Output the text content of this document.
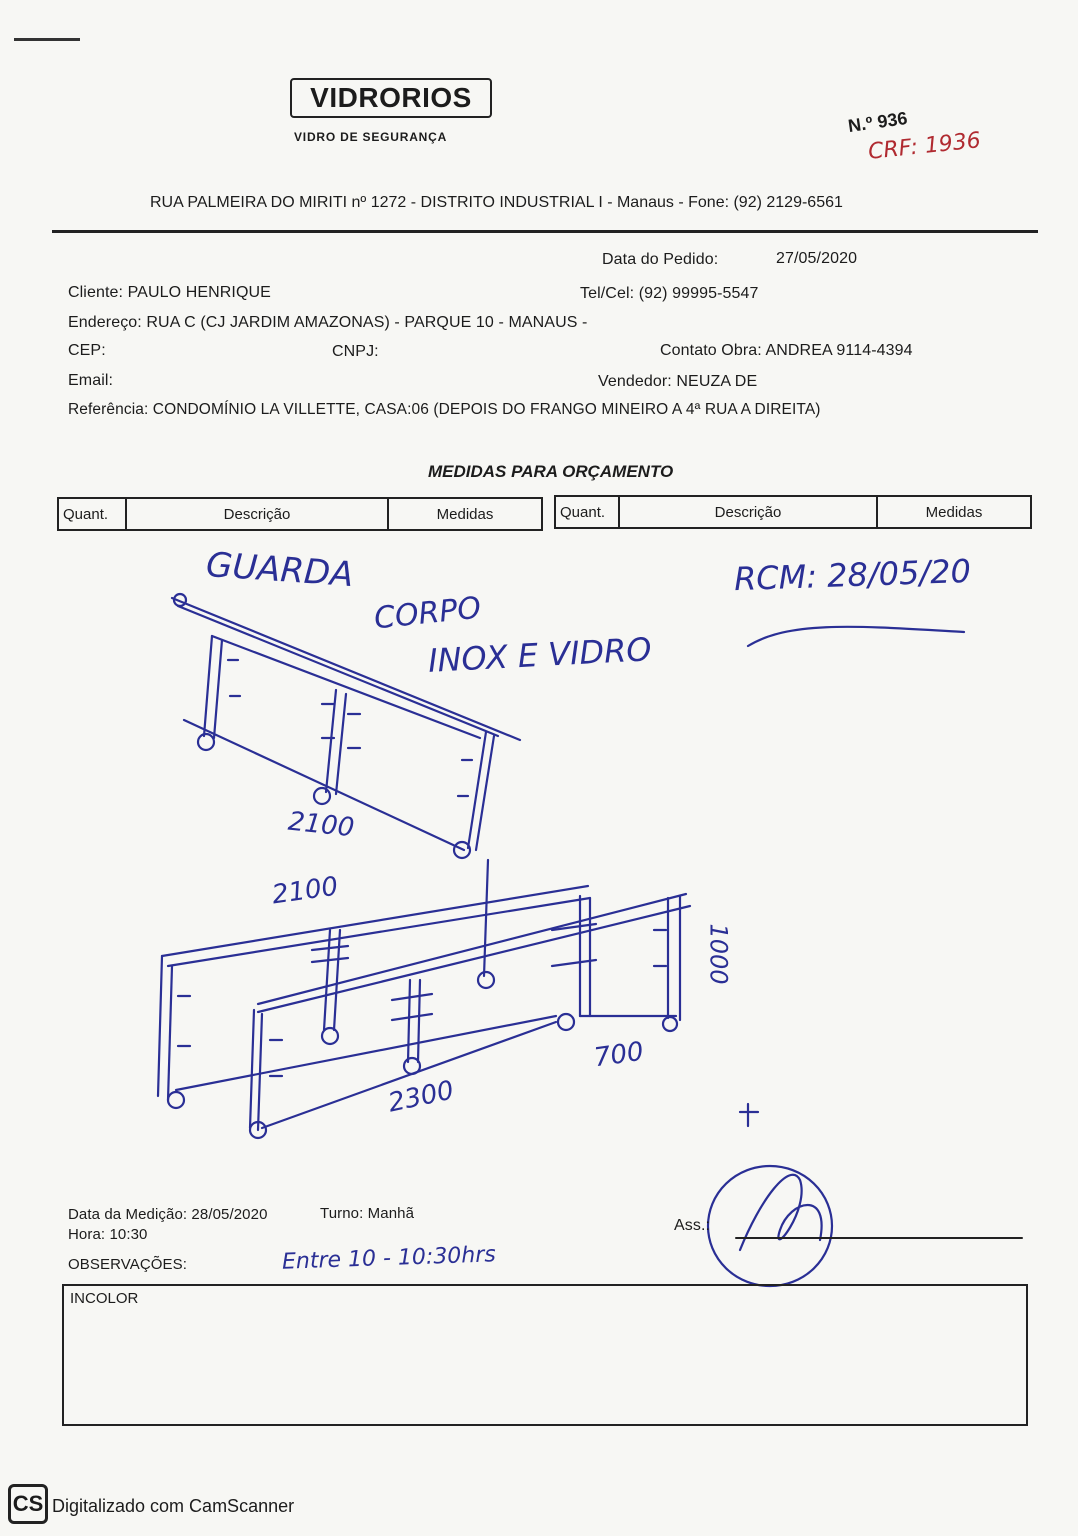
VIDRORIOS
VIDRO DE SEGURANÇA
N.º 936
CRF: 1936
RUA PALMEIRA DO MIRITI nº 1272 - DISTRITO INDUSTRIAL I - Manaus - Fone: (92) 2129-6561
Data do Pedido:	27/05/2020
Cliente: PAULO HENRIQUE	Tel/Cel: (92) 99995-5547
Endereço: RUA C (CJ JARDIM AMAZONAS) - PARQUE 10 - MANAUS -
CEP:	CNPJ:	Contato Obra: ANDREA 9114-4394
Email:	Vendedor: NEUZA DE
Referência: CONDOMÍNIO LA VILLETTE, CASA:06 (DEPOIS DO FRANGO MINEIRO A 4ª RUA A DIREITA)
MEDIDAS PARA ORÇAMENTO
Quant.	Descrição	Medidas	Quant.	Descrição	Medidas
GUARDA
CORPO
INOX E VIDRO
RCM: 28/05/20
2100
2100
2300
700
1000
Data da Medição: 28/05/2020	Turno: Manhã
Hora: 10:30
OBSERVAÇÕES:	Entre 10 - 10:30hrs
Ass.:
INCOLOR
CS Digitalizado com CamScanner
